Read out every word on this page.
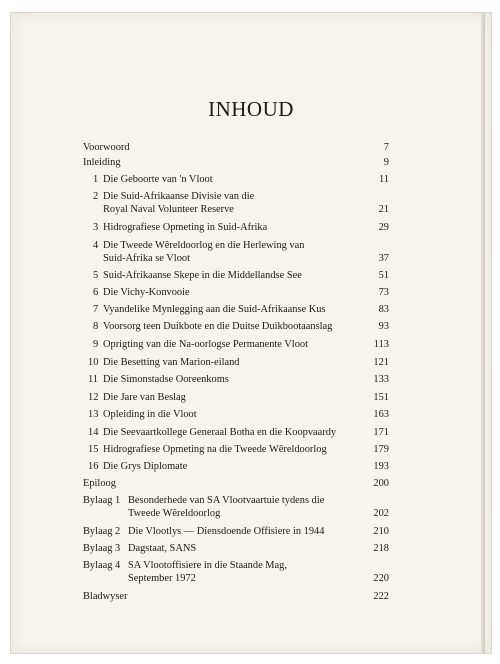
INHOUD
Voorwoord	7
Inleiding	9
1 Die Geboorte van 'n Vloot	11
2 Die Suid-Afrikaanse Divisie van die
Royal Naval Volunteer Reserve	21
3 Hidrografiese Opmeting in Suid-Afrika	29
4 Die Tweede Wêreldoorlog en die Herlewing van
Suid-Afrika se Vloot	37
5 Suid-Afrikaanse Skepe in die Middellandse See	51
6 Die Vichy-Konvooie	73
7 Vyandelike Mynlegging aan die Suid-Afrikaanse Kus	83
8 Voorsorg teen Duikbote en die Duitse Duikbootaanslag	93
9 Oprigting van die Na-oorlogse Permanente Vloot	113
10 Die Besetting van Marion-eiland	121
11 Die Simonstadse Ooreenkoms	133
12 Die Jare van Beslag	151
13 Opleiding in die Vloot	163
14 Die Seevaartkollege Generaal Botha en die Koopvaardy	171
15 Hidrografiese Opmeting na die Tweede Wêreldoorlog	179
16 Die Grys Diplomate	193
Epiloog	200
Bylaag 1 Besonderhede van SA Vlootvaartuie tydens die
Tweede Wêreldoorlog	202
Bylaag 2 Die Vlootlys — Diensdoende Offisiere in 1944	210
Bylaag 3 Dagstaat, SANS	218
Bylaag 4 SA Vlootoffisiere in die Staande Mag,
September 1972	220
Bladwyser	222
